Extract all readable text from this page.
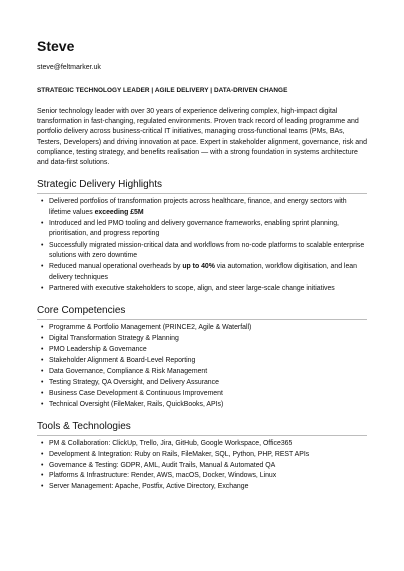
Steve
steve@feltmarker.uk
STRATEGIC TECHNOLOGY LEADER | AGILE DELIVERY | DATA-DRIVEN CHANGE
Senior technology leader with over 30 years of experience delivering complex, high-impact digital transformation in fast-changing, regulated environments. Proven track record of leading programme and portfolio delivery across business-critical IT initiatives, managing cross-functional teams (PMs, BAs, Testers, Developers) and driving innovation at pace. Expert in stakeholder alignment, governance, risk and compliance, testing strategy, and benefits realisation — with a strong foundation in systems architecture and data-first solutions.
Strategic Delivery Highlights
• Delivered portfolios of transformation projects across healthcare, finance, and energy sectors with lifetime values exceeding £5M
• Introduced and led PMO tooling and delivery governance frameworks, enabling sprint planning, prioritisation, and progress reporting
• Successfully migrated mission-critical data and workflows from no-code platforms to scalable enterprise solutions with zero downtime
• Reduced manual operational overheads by up to 40% via automation, workflow digitisation, and lean delivery techniques
• Partnered with executive stakeholders to scope, align, and steer large-scale change initiatives
Core Competencies
• Programme & Portfolio Management (PRINCE2, Agile & Waterfall)
• Digital Transformation Strategy & Planning
• PMO Leadership & Governance
• Stakeholder Alignment & Board-Level Reporting
• Data Governance, Compliance & Risk Management
• Testing Strategy, QA Oversight, and Delivery Assurance
• Business Case Development & Continuous Improvement
• Technical Oversight (FileMaker, Rails, QuickBooks, APIs)
Tools & Technologies
• PM & Collaboration: ClickUp, Trello, Jira, GitHub, Google Workspace, Office365
• Development & Integration: Ruby on Rails, FileMaker, SQL, Python, PHP, REST APIs
• Governance & Testing: GDPR, AML, Audit Trails, Manual & Automated QA
• Platforms & Infrastructure: Render, AWS, macOS, Docker, Windows, Linux
• Server Management: Apache, Postfix, Active Directory, Exchange
